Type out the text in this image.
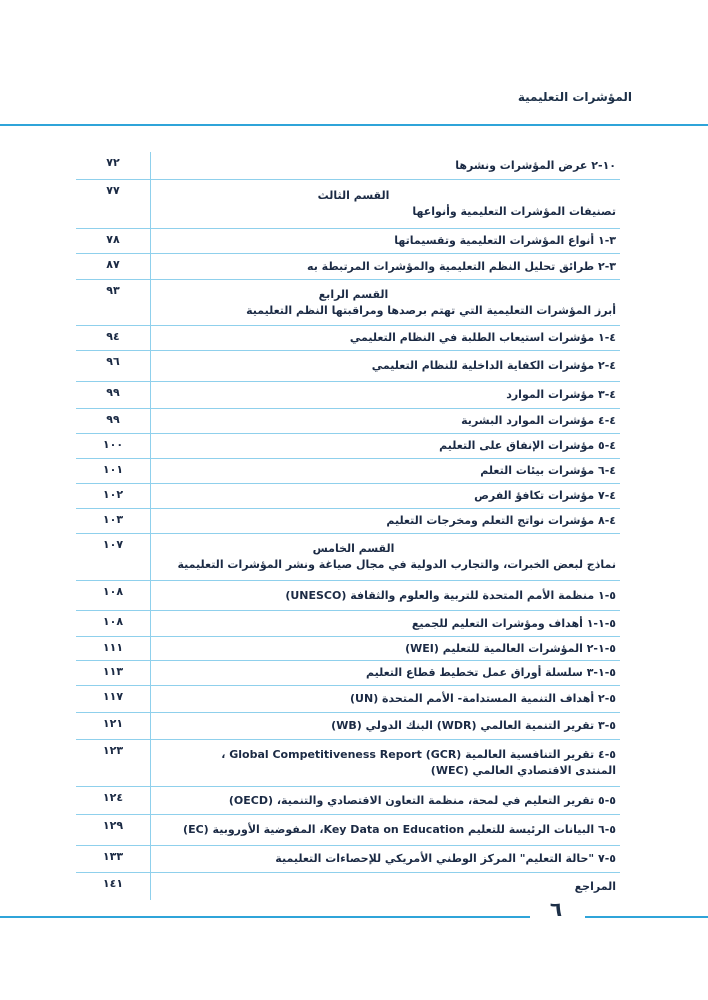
المؤشرات التعليمية
١٠-٢ عرض المؤشرات ونشرها
٧٢
القسم الثالث
تصنيفات المؤشرات التعليمية وأنواعها
٧٧
٣-١ أنواع المؤشرات التعليمية وتقسيماتها
٧٨
٣-٢ طرائق تحليل النظم التعليمية والمؤشرات المرتبطة به
٨٧
القسم الرابع
أبرز المؤشرات التعليمية التي تهتم برصدها ومراقبتها النظم التعليمية
٩٣
٤-١ مؤشرات استيعاب الطلبة في النظام التعليمي
٩٤
٤-٢ مؤشرات الكفاية الداخلية للنظام التعليمي
٩٦
٤-٣ مؤشرات الموارد
٩٩
٤-٤ مؤشرات الموارد البشرية
٩٩
٤-٥ مؤشرات الإنفاق على التعليم
١٠٠
٤-٦ مؤشرات بيئات التعلم
١٠١
٤-٧ مؤشرات تكافؤ الفرص
١٠٢
٤-٨ مؤشرات نواتج التعلم ومخرجات التعليم
١٠٣
القسم الخامس
نماذج لبعض الخبرات، والتجارب الدولية في مجال صياغة ونشر المؤشرات التعليمية
١٠٧
٥-١ منظمة الأمم المتحدة للتربية والعلوم والثقافة (UNESCO)
١٠٨
٥-١-١ أهداف ومؤشرات التعليم للجميع
١٠٨
٥-١-٢ المؤشرات العالمية للتعليم (WEI)
١١١
٥-١-٣ سلسلة أوراق عمل تخطيط قطاع التعليم
١١٣
٥-٢ أهداف التنمية المستدامة- الأمم المتحدة (UN)
١١٧
٥-٣ تقرير التنمية العالمي (WDR) البنك الدولي (WB)
١٢١
٥-٤ تقرير التنافسية العالمية (GCR) Global Competitiveness Report ،
المنتدى الاقتصادي العالمي (WEC)
١٢٣
٥-٥ تقرير التعليم في لمحة، منظمة التعاون الاقتصادي والتنمية، (OECD)
١٢٤
٥-٦ البيانات الرئيسة للتعليم Key Data on Education، المفوضية الأوروبية (EC)
١٢٩
٥-٧ "حالة التعليم" المركز الوطني الأمريكي للإحصاءات التعليمية
١٣٣
المراجع
١٤١
٦
